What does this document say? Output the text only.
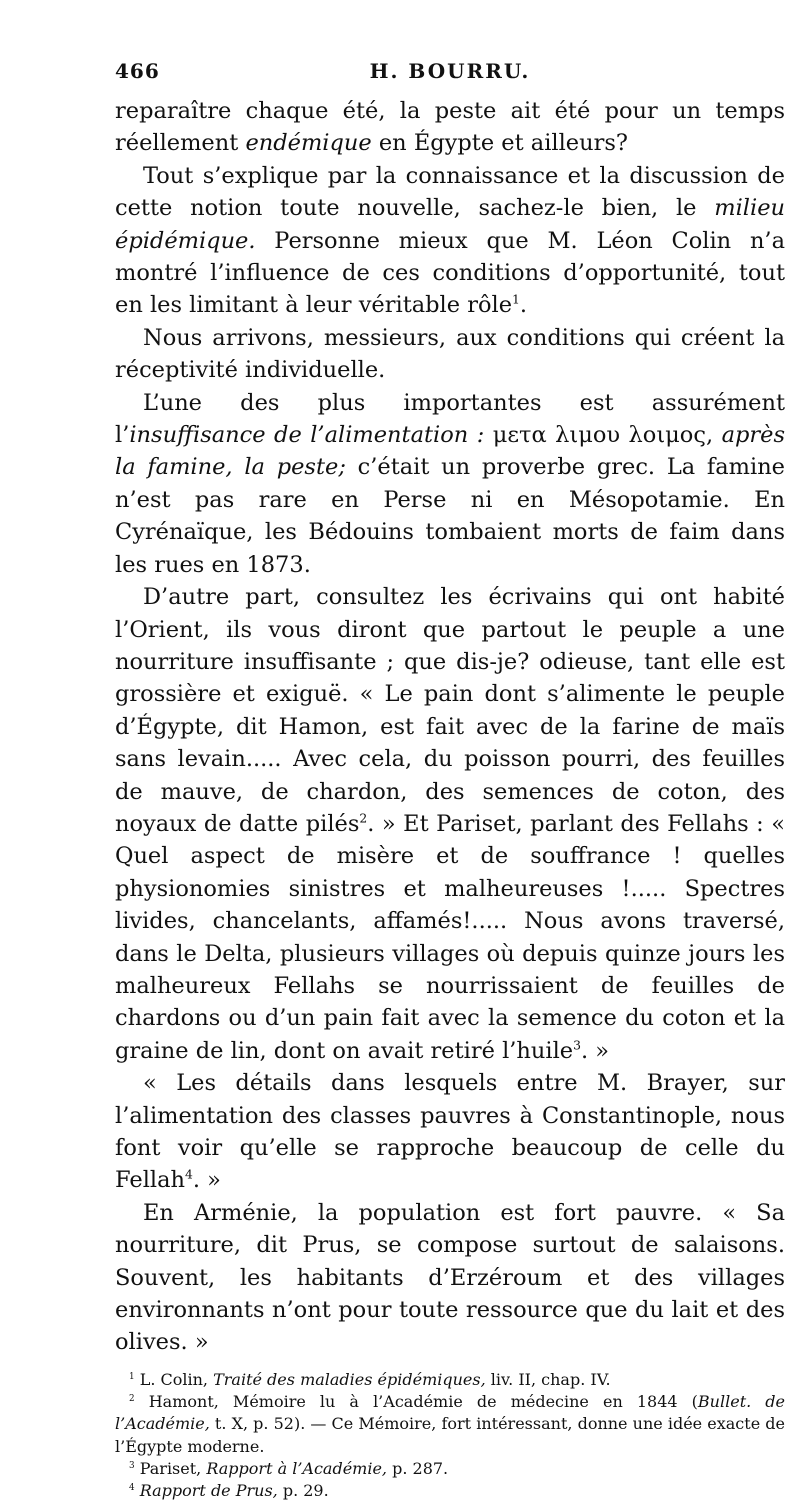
466	H. BOURRU.

reparaître chaque été, la peste ait été pour un temps réellement endémique en Égypte et ailleurs?

Tout s’explique par la connaissance et la discussion de cette notion toute nouvelle, sachez-le bien, le milieu épidémique. Personne mieux que M. Léon Colin n’a montré l’influence de ces conditions d’opportunité, tout en les limitant à leur véritable rôle$^1$.

Nous arrivons, messieurs, aux conditions qui créent la réceptivité individuelle.

L’une des plus importantes est assurément l’insuffisance de l’alimentation : μετα λιμου λοιμος, après la famine, la peste; c’était un proverbe grec. La famine n’est pas rare en Perse ni en Mésopotamie. En Cyrénaïque, les Bédouins tombaient morts de faim dans les rues en 1873.

D’autre part, consultez les écrivains qui ont habité l’Orient, ils vous diront que partout le peuple a une nourriture insuffisante ; que dis-je? odieuse, tant elle est grossière et exiguë. « Le pain dont s’alimente le peuple d’Égypte, dit Hamon, est fait avec de la farine de maïs sans levain..... Avec cela, du poisson pourri, des feuilles de mauve, de chardon, des semences de coton, des noyaux de datte pilés$^2$. » Et Pariset, parlant des Fellahs : « Quel aspect de misère et de souffrance ! quelles physionomies sinistres et malheureuses !..... Spectres livides, chancelants, affamés!..... Nous avons traversé, dans le Delta, plusieurs villages où depuis quinze jours les malheureux Fellahs se nourrissaient de feuilles de chardons ou d’un pain fait avec la semence du coton et la graine de lin, dont on avait retiré l’huile$^3$. »

« Les détails dans lesquels entre M. Brayer, sur l’alimentation des classes pauvres à Constantinople, nous font voir qu’elle se rapproche beaucoup de celle du Fellah$^4$. »

En Arménie, la population est fort pauvre. « Sa nourriture, dit Prus, se compose surtout de salaisons. Souvent, les habitants d’Erzéroum et des villages environnants n’ont pour toute ressource que du lait et des olives. »

$^1$ L. Colin, Traité des maladies épidémiques, liv. II, chap. IV.

$^2$ Hamont, Mémoire lu à l’Académie de médecine en 1844 (Bullet. de l’Académie, t. X, p. 52). — Ce Mémoire, fort intéressant, donne une idée exacte de l’Égypte moderne.

$^3$ Pariset, Rapport à l’Académie, p. 287.

$^4$ Rapport de Prus, p. 29.
